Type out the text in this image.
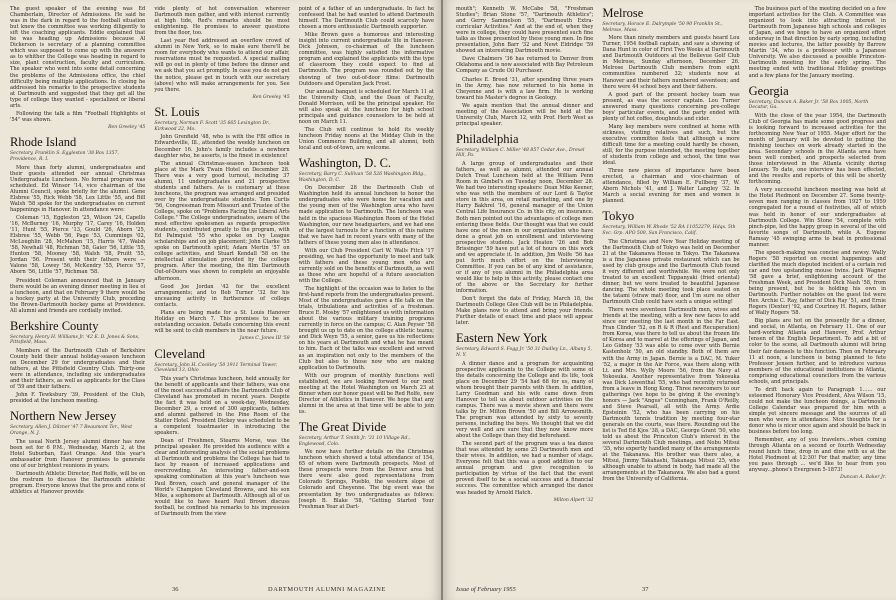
The guest speaker of the evening was Ed Chamberlain, Director of Admissions. He said he was in the dark in regard to the football situation but knew the committee was working diligently to sift the coaching applicants. Eddie explained that he was heading up Admissions because Al Dickerson is secretary of a planning committee which was supposed to come up with the answers as to whither the College was heading in regard to size, plant construction, faculty and curriculum. The speaker who went into some detail concerning the problems of the Admissions office, the chief difficulty being multiple applications. In closing he addressed his remarks to the prospective students at Dartmouth and suggested that they get all the type of college they wanted - specialized or liberal arts.

Following the talk a film "Football Highlights of '54" was shown.

Ren Greeley '45
Rhode Island
Secretary, Franklin S. Eggleston '38 Box 1357, Providence, R. I.

More than forty alumni, undergraduates and their guests attended our annual Christmas Undergraduate Luncheon. No formal program was scheduled. Ed Winsor '14, vice chairman of the Alumni Council, spoke briefly for the alumni. Gene Elsbree '55, Rick Webb '58, Lex Little '55, and Bill Walsh '58 spoke for the undergraduates on current happenings in Hanover. In attendance were:

Coleman '15, Eggleston '25, Wilson '24, Capello '16, McBurney '16, Murphy '17, Carey '16, Holden '11, Hunt '55, Pierce '13, Gould '26, Aborn '25, Elsbree '55, Webb '56, Page '53, Cummings '02, McLoughlin '28, McMahon '15, Harris '47, Walsh '58, Newhall '48, Richman '58, Gaier '56, Little '55, Hunton '58, Mooney '58, Walsh '58, Pruitt '55, Jordan '56. Present with their fathers were — Valone '58, Lowey '56, McKendry '55, Pierce '57, Aborn '56, Little '57, Richman '58.

President Coleman announced that in January there would be an evening dinner meeting in lieu of a luncheon, and that on February 9 there would be a hockey party at the University Club, preceding the Brown-Dartmouth hockey game at Providence. All alumni and friends are cordially invited.

Berkshire County
Secretary, Henry H. Williams Jr. '42 E. D. Jones & Sons, Pittsfield, Mass.

Members of the Dartmouth Club of Berkshire County held their annual holiday-season luncheon on December 29 for undergraduates and their fathers, at the Pittsfield Country Club. Thirty-one were in attendance, including six undergraduates and their fathers, as well as applicants for the Class of '59 and their fathers.

John F. Tewksbury '39, President of the Club, presided at the luncheon meeting.

Northern New Jersey
Secretary, Allen J. Dilzner '47 7 Beaumont Ter., West Orange, N. J.

The usual North Jersey alumni dinner has now been set for 6 P.M., Wednesday, March 2, at the Hotel Suburban, East Orange. And this year's ambassador from Hanover promises to generate one of our brightest reunions in years.

Dartmouth Athletic Director, Red Rolfe, will be on the rostrum to discuss the Dartmouth athletic program. Everyone knows that the pros and cons of athletics at Hanover provide

vide plenty of hot conversation wherever Dartmouth men gather, and with interest currently at high tide, Red's remarks should be most enlightening. He promises to answer questions from the floor, too.

Last year Red addressed an overflow crowd of alumni in New York, so to make sure there'll be room for everybody who wants to attend our affair, reservations must be requested. A special mailing will go out in plenty of time before the dinner and we ask that you act promptly. In case you do not get the notice, please get in touch with our secretary (above) who will make arrangements for you. See you there.

Ren Greeley '45
St. Louis
Secretary, Norman F. Scott '35 665 Lexington Dr., Kirkwood 22, Mo.

John Grenfield '48, who is with the FBI office in Edwardsville, Ill., attended the weekly luncheon on December 16. John's family includes a newborn daughter who, he asserts, is the finest in existence!

The annual Christmas-season luncheon took place at the Mark Twain Hotel on December 28. There was a very good turnout, including 37 alumni, 11 undergraduates and 21 prospective students and fathers. As is customary at these luncheons, the program was arranged and presided over by the undergraduate students. Tom Curtis '56, Congressman from Missouri and Trustee of the College, spoke on "Problems Facing the Liberal Arts College." The College undergraduates, aware of the most effective spokesmen as regards prospective students, contributed greatly to the program, with Ed Palmquist '55 who spoke on Ivy League scholarships and on job placement; John Clarke '55 spoke on Dartmouth spirit; Adam Mertin '57 on college activities, and Stuart Kendall '58 on the intellectual stimulation provided by the college program. After the meeting, the film Dartmouth Out-of-Doors was shown to complete an enjoyable afternoon.

Good Joe Jordan '42 for the excellent arrangements; and to Bob Turner '32 for his unceasing activity in furtherance of college contacts.

Plans are being made for a St. Louis Hanover Holiday on March 7. This promises to be an outstanding occasion. Details concerning this event will be sent to club members in the near future.

James C. Jones III '58
Cleveland
Secretary, John H. Cockley '50 1911 Terminal Tower, Cleveland 13, Ohio

This year's Christmas luncheon, held annually for the benefit of applicants and their fathers, was one of the most successful affairs the Dartmouth Club of Cleveland has promoted in recent years. Despite the fact it was held on a week-day, Wednesday, December 29, a crowd of 300 applicants, fathers and alumni gathered in the Pine Room of the Statler Hotel. President Dickey was scheduled to be a competent toastmaster in introducing the speakers.

Dean of Freshmen, Stearns Morse, was the principal speaker. He provided his audience with a clear and interesting analysis of the social problems at Dartmouth and problems the College has had to face by reason of increased applications and overcrowding. An interesting father-and-son speaking combination at this year's luncheon was Paul Brown, coach and general manager of the World's Champion Cleveland Browns, and his son Mike, a sophomore at Dartmouth. Although all of us would like to have heard Paul Brown discuss football, he confined his remarks to his impression of Dartmouth from the view

point of a father of an undergraduate. In fact he confessed that he had wanted to attend Dartmouth himself. The Dartmouth Club could scarcely have chosen a more enthusiastic Dartmouth supporter.

Mike Brown gave a humorous and interesting insight into current undergraduate life in Hanover. Dick Johnson, co-chairman of the luncheon committee, was highly satisfied the informative program and explained the applicants with the type of classroom they could expect to find at Dartmouth. The program was rounded out by the showing of two out-of-door films: Dartmouth Outdoors and Operation Jack Frost.

Our annual banquet is scheduled for March 11 at the University Club, and the Dean of Faculty, Donald Morrison, will be the principal speaker. He will also speak at the luncheon for high school principals and guidance counselors to be held at noon on March 11.

The Club will continue to hold its weekly luncheon Friday noons at the Midday Club in the Union Commerce Building, and all alumni, both local and out-of-town, are welcome.

Washington, D. C.
Secretary, Barry C. Sullivan '58 526 Washington Bldg., Washington, D. C.

On December 28 the Dartmouth Club of Washington held its annual luncheon to honor the undergraduates who were home for vacation and the young men of the Washington area who have made application to Dartmouth. The luncheon was held in the spacious Washington Room of the Hotel Washington, our new headquarters, and we had one of the largest turnouts for a function of this nature that we have had in recent years with many of the fathers of these young men also in attendance.

With our Club President Carl W. Walls Fitch '17 presiding, we had the opportunity to meet and talk with fathers and these young men who are currently sold on the benefits of Dartmouth, as well as those who are hopeful of a future association with the College.

The highlight of the occasion was to listen to the first-hand reports from the undergraduates present. Most of the undergraduates gave a file talk on the trials, tribulations and activities of a freshman. Bruce E. Mosby '57 enlightened us with information about the various military training programs currently in force on the campus; C. Alan Peyser '58 brought us up to date on the college athletic teams; and Dick Weyn '55, a senior, gave us his reflections on his years at Dartmouth and what he has meant to him. Each of the talks was excellent and served as an inspiration not only to the members of the Club but also to those now who are making application to Dartmouth.

With our program of monthly functions well established, we are looking forward to our next meeting at the Hotel Washington on March 23 at dinner when our honor guest will be Red Rolfe, new Director of Athletics in Hanover. We hope that any alumni in the area at that time will be able to join us.

The Great Divide
Secretary, Arthur T. Smith Jr. '31 10 Village Rd., Englewood, Colo.

We now have further details on the Christmas luncheon which showed a total attendance of 154, 65 of whom were Dartmouth prospects. Most of these prospects were from the Denver area but there were also good representations from Colorado Springs, Pueblo, the western slope of Colorado and Cheyenne. The big event was the presentation by two undergraduates as follows: Joseph B. Blake '58, "Getting Started Your Freshman Year at Dart-

36	DARTMOUTH ALUMNI MAGAZINE

mouth"; Kenneth W. McCabe '58, "Freshman Studies"; Brian Stone '57, "Dartmouth Athletics"; and Gerry Sammelson '55, "Dartmouth Extra-curricular Activities." And at the end of, when they were in college, they could have presented such fine talks as those presented by these young men. In fine presentation, John Barr '32 and Newt Eldridge '59 showed an interesting Dartmouth movie.

Dave Chalmers '36 has returned to Denver from Oklahoma and is now associated with Bay Petroleum Company as Crude Oil Purchaser.

Charles E. Breed '31, after spending three years in the Army, has now returned to his home in Cheyenne and is with a law firm. He is working toward his Master's degree in Geology.

We again mention that the annual dinner and meeting of the Association will be held at the University Club, March 12, with Prof. Herb West as principal speaker.

Philadelphia
Secretary, William C. Miller '48 857 Cedar Ave., Drexel Hill, Pa.

A large group of undergraduates and their fathers, as well as alumni, attended our annual Dutch Treat Luncheon held at the William Penn Room in Gimbel's on Tuesday noon, December 28. We had two interesting speakers: Dean Mike Keener, who was with the members of our Lord & Taylor store in this area, on retail marketing, and one by Harry Bakhrel '16, general manager of the Union Central Life Insurance Co. in this city, on insurance. Both men pointed out the advantages of college men entering these fields. Our thought was that we could have one of the men in our organization who have done a great job on enrollment and interviewing prospective students. Jack Heaton '26 and Bob Brissinger '59 have put a lot of hours on this work and we appreciate it. In addition, Jim Wolfe '56 has put forth much effort on the Interviewing Committee. If you can be of any kind of assistance, or if any of you alumni in the Philadelphia area would like to help in this activity, please contact one of the above or the Secretary for further information.

Don't forget the date of Friday, March 18, the Dartmouth College Glee Club will be in Philadelphia. Make plans now to attend and bring your friends. Further details of exact time and place will appear later.

Eastern New York
Secretary, Edward S. Fogg Jr. '50 31 Dudley Ln., Albany 5, N. Y.

A dinner dance and a program for acquainting prospective applicants to the College with some of the details concerning the College and its life, took place on December 29 '54 had 68 for us, many of whom brought their parents with them. In addition, Larry Goodman and his wife came down from Hanover to tell us about outdoor activities on the campus. There was a movie shown and there were talks by Dr. Milton Brown '50 and Bill Arrowsmith. The program was attended by sixty to seventy persons, including the boys. We thought that we did very well and are sure that they now know more about the College than they did beforehand.

The second part of the program was a tea dance that was attended by some 25 Dartmouth men and their wives. In addition, we had a number of stags. Everyone felt that this was a good addition to our annual program and give recognition to participation by virtue of the fact that the event proved itself to be a social success and a financial success. The committee which arranged the dance was headed by Arnold Hatch.

Milton Alpert '32
Melrose
Secretary, Horace E. Dalrymple '50 90 Franklin St., Melrose, Mass.

More than ninety members and guests heard Lou Turner, 1954 football captain, and saw a showing of Dana Hunt in color of First Two Weeks at Dartmouth and Dartmouth Outdoors at the Bellevue Golf Club in Melrose, Sunday afternoon, December 26. Melrose Dartmouth Club members from eight communities numbered 32; students now at Hanover and their fathers numbered seventeen; and there were 44 school boys and their fathers.

A good part of the present hockey team was present, as was the soccer captain. Lou Turner answered many questions concerning pre-college boys' particular events, and the party ended with plenty of hot coffee, doughnuts and cider.

Many key members were confined at home with sickness, visiting relatives and such, but the executive committee feels that although a more difficult time for a meeting could hardly be chosen, still, for the purpose intended, the meeting together of students from college and school, the time was ideal.

Three new pieces of importance have been erected, a chairman and vice-chairman of attendance, filled by William E. Fullberg '37, W. Abern Nichols '41, and J. Walter Langley '32. In March a social evening for men and women is planned.

Tokyo
Secretary, William W. Rhode '52 RA 11052279, Hdqs. 5th Svc. Grp. APO 500, San Francisco, Calif.

The Christmas and New Year Holiday meeting of the Dartmouth Club of Tokyo was held on December 21 at the Takanawa House in Tokyo. The Takanawa is a fine Japanese private restaurant which can be used by club groups and the Dartmouth Club found it very different and worthwhile. We were not only treated to an excellent Teppanyaki (fried oriental) dinner, but we were treated to beautiful Japanese dancing. The whole meeting took place seated on the tatami (straw mat) floor, and I'm sure no other Dartmouth Club could have such a unique setting!

There were seventeen Dartmouth men, wives and friends at the meeting, with a few new faces to add since our meeting the last month in the Far East. Fran Clinder '52, on R & R (Rest and Recuperation) from Korea, was there to tell us about the frozen life of Korea and to marvel at the offerings of Japan, and Leo Gidney '53 was able to come over with Bernie Kastenholz '50, an old standby. Both of them are with the Army in Japan. Bernie is a DAC, M. Yuker '52, a major in the Air Force, was there along with Lt. and Mrs. Wylly Moore '56, from the Navy at Yokosuka. Another representative from Yokosuka was Dick Lowenthal '55, who had recently returned from a leave in Hong Kong. Three newcomers to our gatherings (we hope to be giving it the evening's honors — Jack "Angus" Cunningham, Frank O'Reilly, and Steve Pearsall, all with the Army. Ardie Epsteinin '52, who has been carrying on his Dartmouth tennis tradition by meeting four-star generals on the courts, was there. Rounding out the list is Ted Ed Kjos '38, a DAC, George Grant '50, who told us about the Princeton Club's interest in the several Dartmouth Club meetings, and Nobu Mitsui '35, who expertly handled many of the arrangements at the Takanawa. His brother was there also, a Mitsui, Jimmy Takahashi, Takanaga Mitsui '25, who although unable to attend in body, had made all the arrangements at the Takanawa. We also had a guest from the University of California.

The business part of the meeting decided on a few important activities for the Club. A Committee was organized to look into attracting interest in Dartmouth from Japanese high schools and colleges of Japan, and we hope to have an organized effort underway in that direction by early spring, including movies and lectures, the latter possibly by Barrow Martin '34, who is a professor with a Japanese University. We also discussed a possible Princeton-Dartmouth meeting for the early spring. The meeting ended with traditional Holiday greetings and a few plans for the January meeting.

Georgia
Secretary, Duncan A. Baker Jr. '58 Box 1005, North Decatur, Ga.

With the close of the year 1954, the Dartmouth Club of Georgia has made some good progress and is looking forward to increased activities for the forthcoming New Year of 1955. Major effort for the month of January will be devoted to putting the finishing touches on work already started in the area. Secondary schools in the Atlanta area have been well combed, and prospects selected from those interviewed in the Atlanta vicinity during January. To date, one interview has been effected, and the results and reports of this will be shortly forthcoming.

A very successful luncheon meeting was held at the Hotel Piedmont on December 27. Some twenty-seven men ranging in classes from 1927 to 1959 congregated for a round of festivities, all of which was held in honor of our undergraduates at Dartmouth College. Win Stone '54, complete with pinch-pipe, led the happy group in several of the old favorite songs of Dartmouth, while A. Eugene Ramsay '45 swinging arms to beat in professional manner.

The speech-making was concise and newsy. Wally Rogers '58 reported on recent happenings and clarified the much disputed incident of a certain red car and two upstanding mouse twins. Jack Wagner '58 gave a brief, enlightening account of the Freshman Week, and President Dick Nash '58, from being present, but he is holding his own in Dartmouth. Further notables on the guest list were Rev. Archie C. Ray, father of Dick Ray '51, and Ernie Rogers (Dexter) '92, and Courtney H. Rogers, father of Wally Rogers '58.

Big plans are hot on the presently for a dinner, and social, in Atlanta, on February 11. One of our hard-working Atlanta and Hanover, Prof. Arthur Jensen of the English Department. To add a bit of color to the scene, all Dartmouth alumni will bring their fair damsels to this function. Then on February 11 at noon, a luncheon is being planned to fete Professor Jensen further, and to introduce various members of the educational institutions in Atlanta, comprising educational councilors from the various schools, and principals.

To drift back again to Paragraph 1...... our esteemed Honorary Vice President, Alva Wilson '15, could not make the luncheon doings, a Dartmouth College Calendar was prepared for him with a simple yet sincere message and the sources of all men who were in attendance. Nice thoughts for a donor who is nicer once again and should be back in business before too long.

Remember, any of you travelers...when coming through Atlanta on a second or fourth Wednesday round lunch time, drop in and dine with us at the Hotel Piedmont at 12:30! For that matter, any time you pass through ... we'd like to hear from you anyway...phone's Evergreen 5-1873!

Duncan A. Baker Jr.
Issue of February 1955	37
